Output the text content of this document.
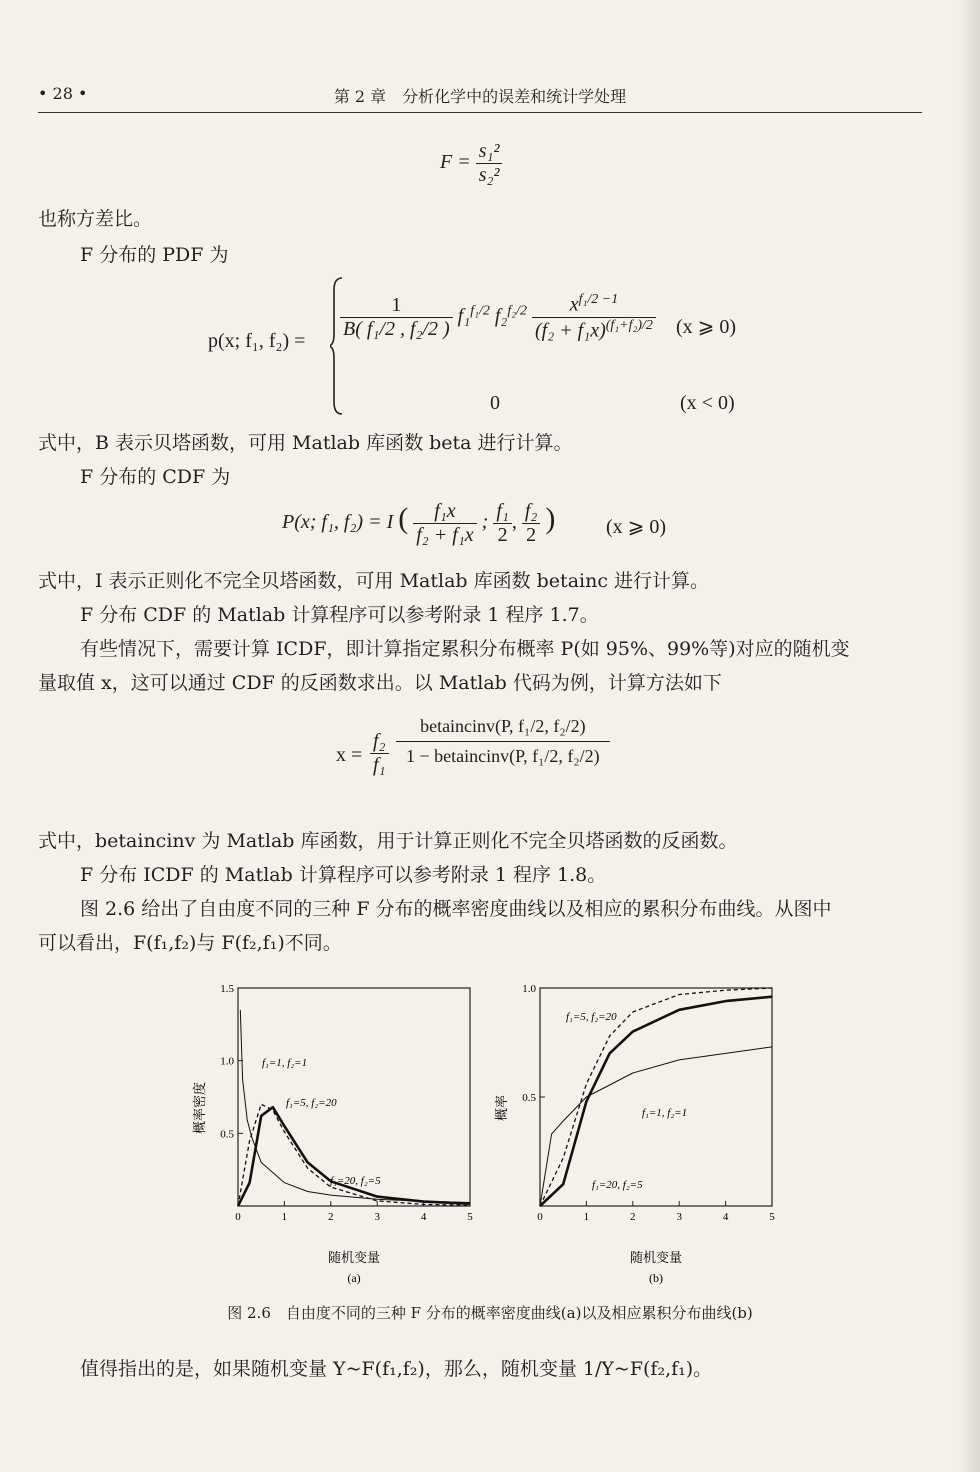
• 28 •	第 2 章　分析化学中的误差和统计学处理
$F = \frac{\text{s₁²}}{\text{s₂²}}$
也称方差比。
F 分布的 PDF 为
p(x; f₁, f₂) =
$\frac{1}{\text{B( f₁/2 , f₂/2 )}} f_1^{f_1/2}$ $f_2^{f_2/2} \frac{x^{f_1/2 -1}}{(f_2 + f_1x)^{(f_1+f_2)/2}} (x$ ⩾ 0)
0	(x < 0)
式中，B 表示贝塔函数，可用 Matlab 库函数 beta 进行计算。
F 分布的 CDF 为
P(x; f₁, f₂) = I ( $\frac{\text{f₁x}}{\text{f₂ + f₁x}}$ ; $\frac{\text{f₁}}{2}$ , $\frac{\text{f₂}}{2}$ )	(x ⩾ 0)
式中，I 表示正则化不完全贝塔函数，可用 Matlab 库函数 betainc 进行计算。
F 分布 CDF 的 Matlab 计算程序可以参考附录 1 程序 1.7。
有些情况下，需要计算 ICDF，即计算指定累积分布概率 P(如 95%、99%等)对应的随机变
量取值 x，这可以通过 CDF 的反函数求出。以 Matlab 代码为例，计算方法如下
$x = \frac{\text{f₂}}{\text{f₁}} \frac{\text{betaincinv(P, f₁/2, f₂/2)}}{\text{1 − betaincinv(P, f₁/2, f₂/2)}}$
式中，betaincinv 为 Matlab 库函数，用于计算正则化不完全贝塔函数的反函数。
F 分布 ICDF 的 Matlab 计算程序可以参考附录 1 程序 1.8。
图 2.6 给出了自由度不同的三种 F 分布的概率密度曲线以及相应的累积分布曲线。从图中
可以看出，F(f₁,f₂)与 F(f₂,f₁)不同。
0	1	2	3	4	5
0.5
1.0
1.5
概率密度
随机变量
(a)
f₁=1, f₂=1
f₁=5, f₂=20
f₁=20, f₂=5
0	1	2	3	4	5
0.5
1.0
概率
随机变量
(b)
f₁=5, f₂=20
f₁=1, f₂=1
f₁=20, f₂=5
图 2.6　自由度不同的三种 F 分布的概率密度曲线(a)以及相应累积分布曲线(b)
值得指出的是，如果随机变量 Y~F(f₁,f₂)，那么，随机变量 1/Y~F(f₂,f₁)。
